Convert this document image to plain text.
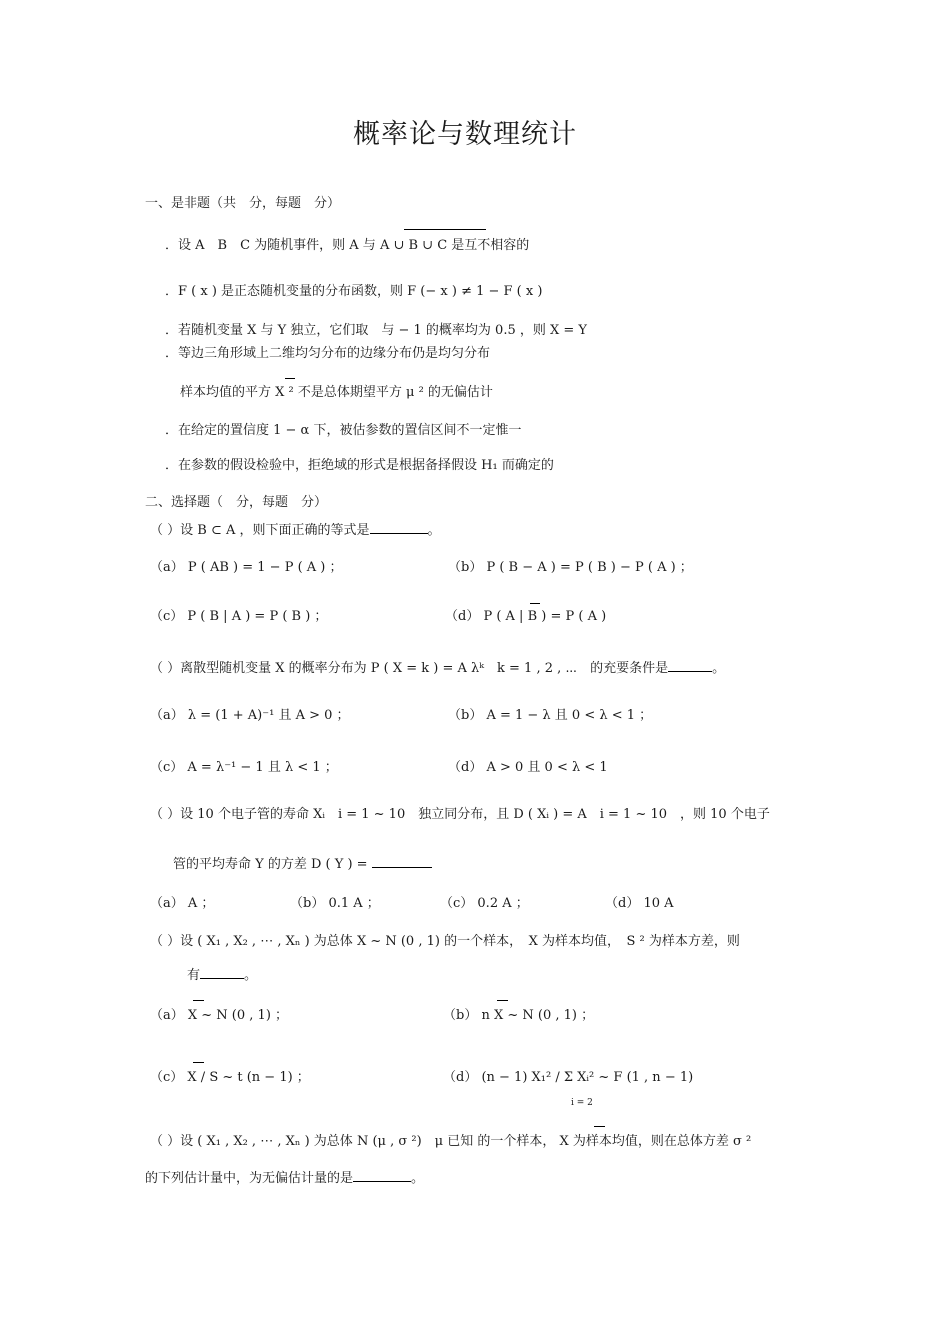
概率论与数理统计
一、是非题（共　分，每题　分）
．设 A　B　C 为随机事件，则 A 与 A ∪ B ∪ C 是互不相容的
．F ( x ) 是正态随机变量的分布函数，则 F (− x ) ≠ 1 − F ( x )
．若随机变量 X 与 Y 独立，它们取　与 − 1 的概率均为 0.5 ，则 X = Y
．等边三角形域上二维均匀分布的边缘分布仍是均匀分布
样本均值的平方 X ² 不是总体期望平方 μ ² 的无偏估计
．在给定的置信度 1 − α 下，被估参数的置信区间不一定惟一
．在参数的假设检验中，拒绝域的形式是根据备择假设 H₁ 而确定的
二、选择题（　分，每题　分）
（ ）设 B ⊂ A ，则下面正确的等式是	。
（a） P ( AB ) = 1 − P ( A ) ；	（b） P ( B − A ) = P ( B ) − P ( A ) ；
（c） P ( B | A ) = P ( B ) ；	（d） P ( A | B ) = P ( A )
（ ）离散型随机变量 X 的概率分布为 P ( X = k ) = A λᵏ　k = 1 , 2 , ⋯　的充要条件是	。
（a） λ = (1 + A)⁻¹ 且 A > 0 ；	（b） A = 1 − λ 且 0 < λ < 1 ；
（c） A = λ⁻¹ − 1 且 λ < 1 ；	（d） A > 0 且 0 < λ < 1
（ ）设 10 个电子管的寿命 Xᵢ　i = 1 ~ 10　独立同分布，且 D ( Xᵢ ) = A　i = 1 ~ 10　，则 10 个电子
管的平均寿命 Y 的方差 D ( Y ) =
（a） A ；	（b） 0.1 A ；	（c） 0.2 A ；	（d） 10 A
（ ）设 ( X₁ , X₂ , ⋯ , Xₙ ) 为总体 X ~ N (0 , 1) 的一个样本，　X 为样本均值，　S ² 为样本方差，则
有	。
（a） X ~ N (0 , 1) ；	（b） n X ~ N (0 , 1) ；
（c） X / S ~ t (n − 1) ；	（d） (n − 1) X₁² / Σ Xᵢ² ~ F (1 , n − 1)
i = 2
（ ）设 ( X₁ , X₂ , ⋯ , Xₙ ) 为总体 N (μ , σ ²)　μ 已知 的一个样本， X 为样本均值，则在总体方差 σ ²
的下列估计量中，为无偏估计量的是	。
